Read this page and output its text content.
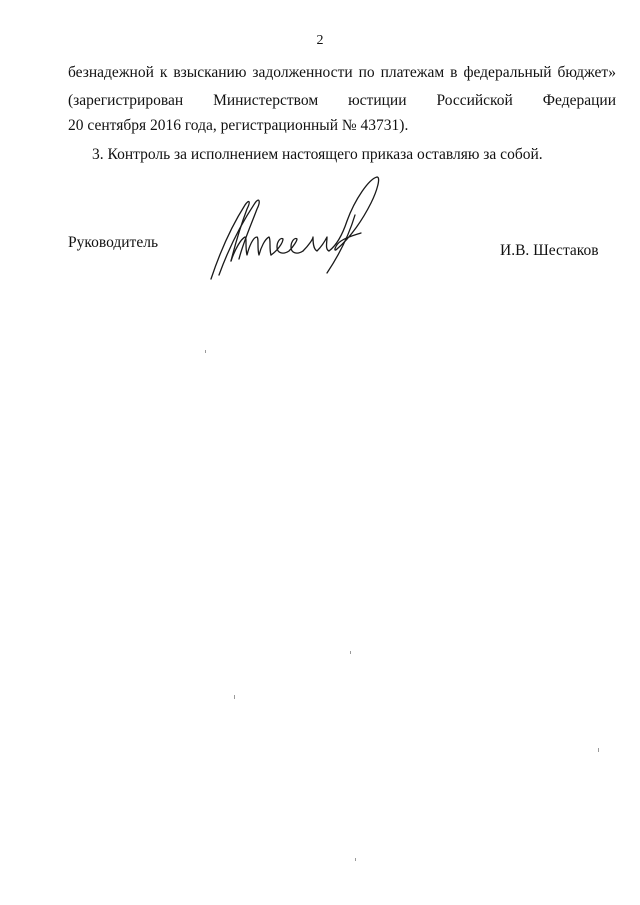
2
безнадежной к взысканию задолженности по платежам в федеральный бюджет»
(зарегистрирован Министерством юстиции Российской Федерации
20 сентября 2016 года, регистрационный № 43731).
3. Контроль за исполнением настоящего приказа оставляю за собой.
Руководитель	И.В. Шестаков
